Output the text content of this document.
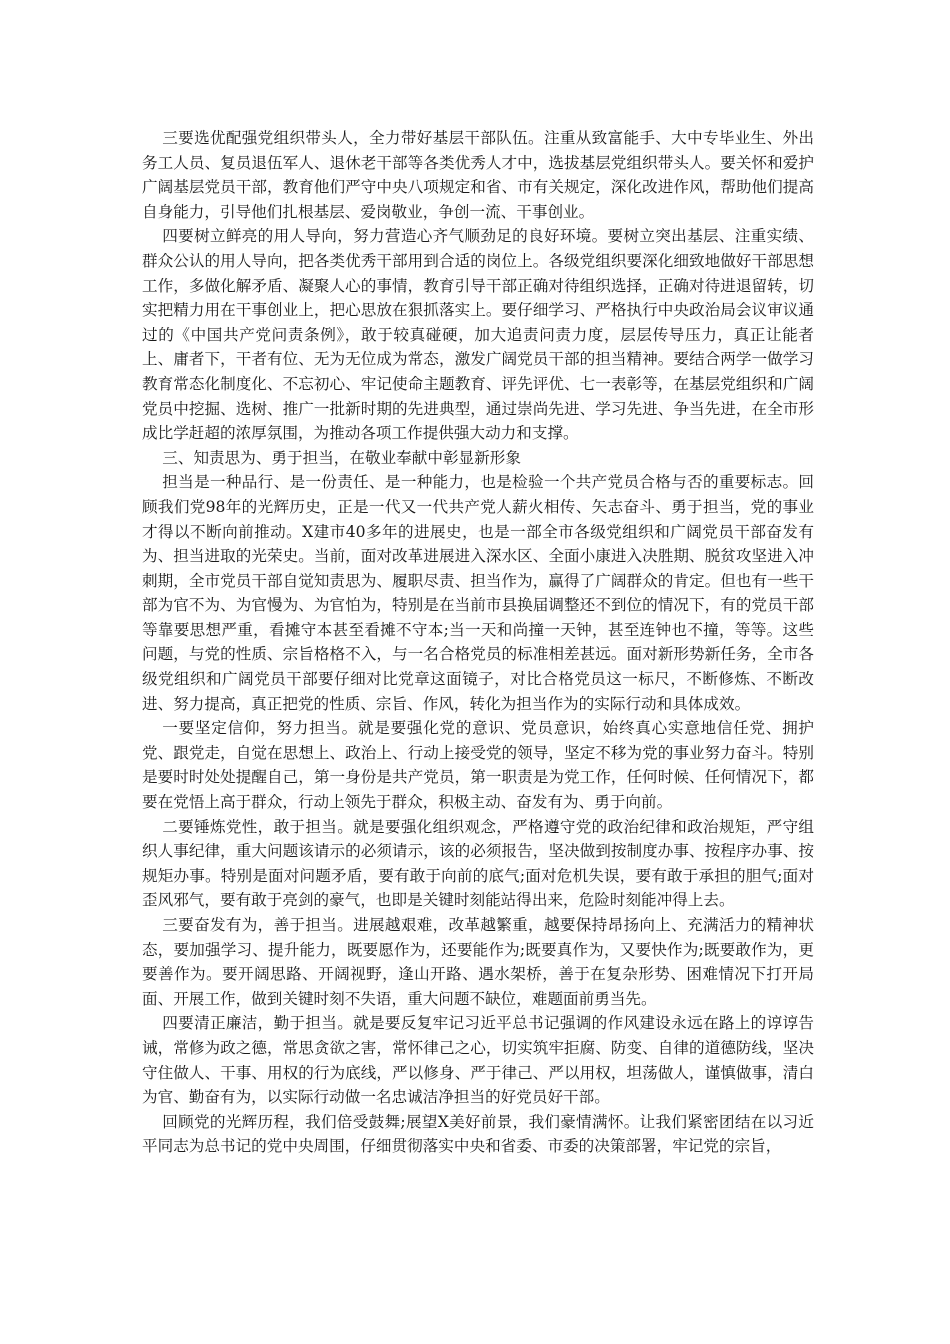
三要选优配强党组织带头人，全力带好基层干部队伍。注重从致富能手、大中专毕业生、外出务工人员、复员退伍军人、退休老干部等各类优秀人才中，选拔基层党组织带头人。要关怀和爱护广阔基层党员干部，教育他们严守中央八项规定和省、市有关规定，深化改进作风，帮助他们提高自身能力，引导他们扎根基层、爱岗敬业，争创一流、干事创业。

四要树立鲜亮的用人导向，努力营造心齐气顺劲足的良好环境。要树立突出基层、注重实绩、群众公认的用人导向，把各类优秀干部用到合适的岗位上。各级党组织要深化细致地做好干部思想工作，多做化解矛盾、凝聚人心的事情，教育引导干部正确对待组织选择，正确对待进退留转，切实把精力用在干事创业上，把心思放在狠抓落实上。要仔细学习、严格执行中央政治局会议审议通过的《中国共产党问责条例》，敢于较真碰硬，加大追责问责力度，层层传导压力，真正让能者上、庸者下，干者有位、无为无位成为常态，激发广阔党员干部的担当精神。要结合两学一做学习教育常态化制度化、不忘初心、牢记使命主题教育、评先评优、七一表彰等，在基层党组织和广阔党员中挖掘、选树、推广一批新时期的先进典型，通过崇尚先进、学习先进、争当先进，在全市形成比学赶超的浓厚氛围，为推动各项工作提供强大动力和支撑。

三、知责思为、勇于担当，在敬业奉献中彰显新形象

担当是一种品行、是一份责任、是一种能力，也是检验一个共产党员合格与否的重要标志。回顾我们党98年的光辉历史，正是一代又一代共产党人薪火相传、矢志奋斗、勇于担当，党的事业才得以不断向前推动。X建市40多年的进展史，也是一部全市各级党组织和广阔党员干部奋发有为、担当进取的光荣史。当前，面对改革进展进入深水区、全面小康进入决胜期、脱贫攻坚进入冲刺期，全市党员干部自觉知责思为、履职尽责、担当作为，赢得了广阔群众的肯定。但也有一些干部为官不为、为官慢为、为官怕为，特别是在当前市县换届调整还不到位的情况下，有的党员干部等靠要思想严重，看摊守本甚至看摊不守本;当一天和尚撞一天钟，甚至连钟也不撞，等等。这些问题，与党的性质、宗旨格格不入，与一名合格党员的标准相差甚远。面对新形势新任务，全市各级党组织和广阔党员干部要仔细对比党章这面镜子，对比合格党员这一标尺，不断修炼、不断改进、努力提高，真正把党的性质、宗旨、作风，转化为担当作为的实际行动和具体成效。

一要坚定信仰，努力担当。就是要强化党的意识、党员意识，始终真心实意地信任党、拥护党、跟党走，自觉在思想上、政治上、行动上接受党的领导，坚定不移为党的事业努力奋斗。特别是要时时处处提醒自己，第一身份是共产党员，第一职责是为党工作，任何时候、任何情况下，都要在党悟上高于群众，行动上领先于群众，积极主动、奋发有为、勇于向前。

二要锤炼党性，敢于担当。就是要强化组织观念，严格遵守党的政治纪律和政治规矩，严守组织人事纪律，重大问题该请示的必须请示，该的必须报告，坚决做到按制度办事、按程序办事、按规矩办事。特别是面对问题矛盾，要有敢于向前的底气;面对危机失误，要有敢于承担的胆气;面对歪风邪气，要有敢于亮剑的豪气，也即是关键时刻能站得出来，危险时刻能冲得上去。

三要奋发有为，善于担当。进展越艰难，改革越繁重，越要保持昂扬向上、充满活力的精神状态，要加强学习、提升能力，既要愿作为，还要能作为;既要真作为，又要快作为;既要敢作为，更要善作为。要开阔思路、开阔视野，逢山开路、遇水架桥，善于在复杂形势、困难情况下打开局面、开展工作，做到关键时刻不失语，重大问题不缺位，难题面前勇当先。

四要清正廉洁，勤于担当。就是要反复牢记习近平总书记强调的作风建设永远在路上的谆谆告诫，常修为政之德，常思贪欲之害，常怀律己之心，切实筑牢拒腐、防变、自律的道德防线，坚决守住做人、干事、用权的行为底线，严以修身、严于律己、严以用权，坦荡做人，谨慎做事，清白为官、勤奋有为，以实际行动做一名忠诚洁净担当的好党员好干部。

回顾党的光辉历程，我们倍受鼓舞;展望X美好前景，我们豪情满怀。让我们紧密团结在以习近平同志为总书记的党中央周围，仔细贯彻落实中央和省委、市委的决策部署，牢记党的宗旨，
